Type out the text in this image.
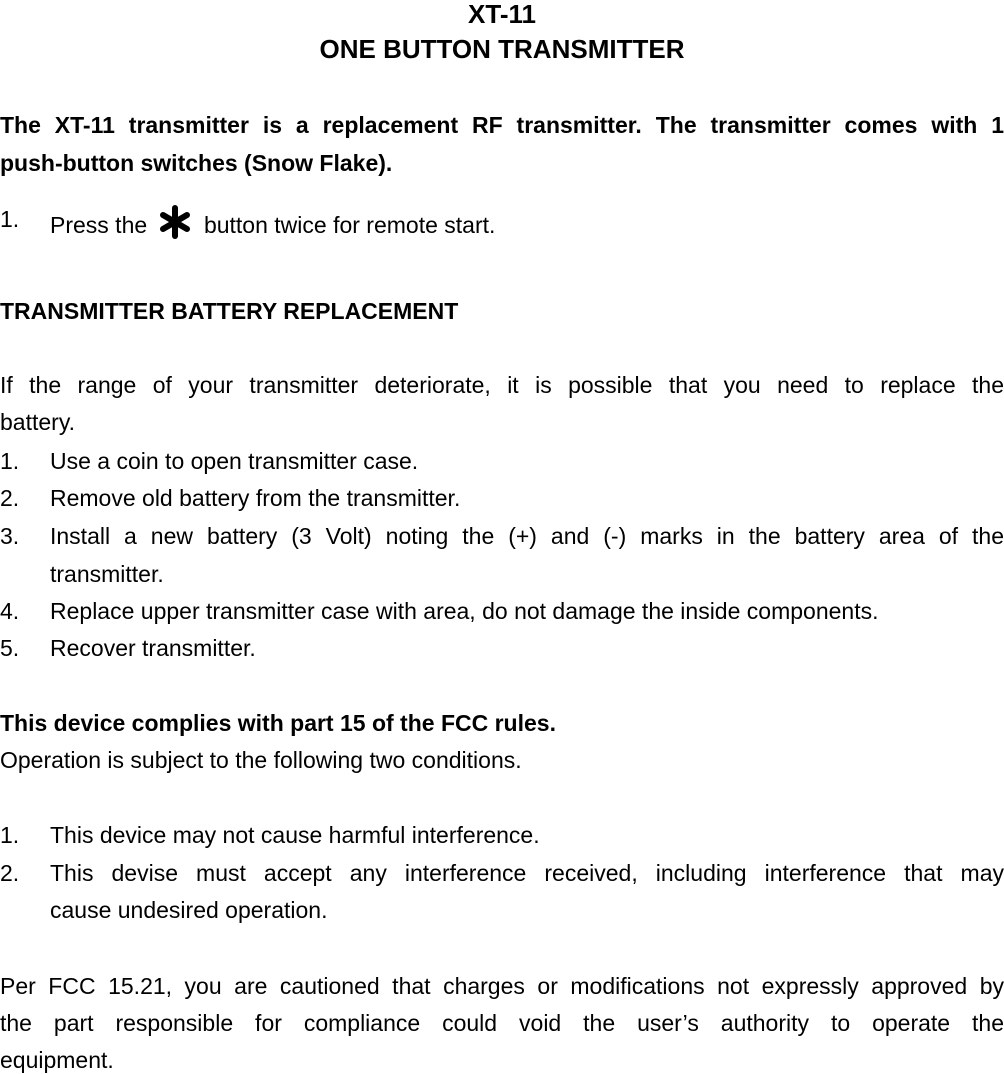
XT-11
ONE BUTTON TRANSMITTER
The XT-11 transmitter is a replacement RF transmitter. The transmitter comes with 1
push-button switches (Snow Flake).
1.	Press the button twice for remote start.
TRANSMITTER BATTERY REPLACEMENT
If the range of your transmitter deteriorate, it is possible that you need to replace the
battery.
1.	Use a coin to open transmitter case.
2.	Remove old battery from the transmitter.
3.	Install a new battery (3 Volt) noting the (+) and (-) marks in the battery area of the
transmitter.
4.	Replace upper transmitter case with area, do not damage the inside components.
5.	Recover transmitter.
This device complies with part 15 of the FCC rules.
Operation is subject to the following two conditions.
1.	This device may not cause harmful interference.
2.	This devise must accept any interference received, including interference that may
cause undesired operation.
Per FCC 15.21, you are cautioned that charges or modifications not expressly approved by
the part responsible for compliance could void the user’s authority to operate the
equipment.
